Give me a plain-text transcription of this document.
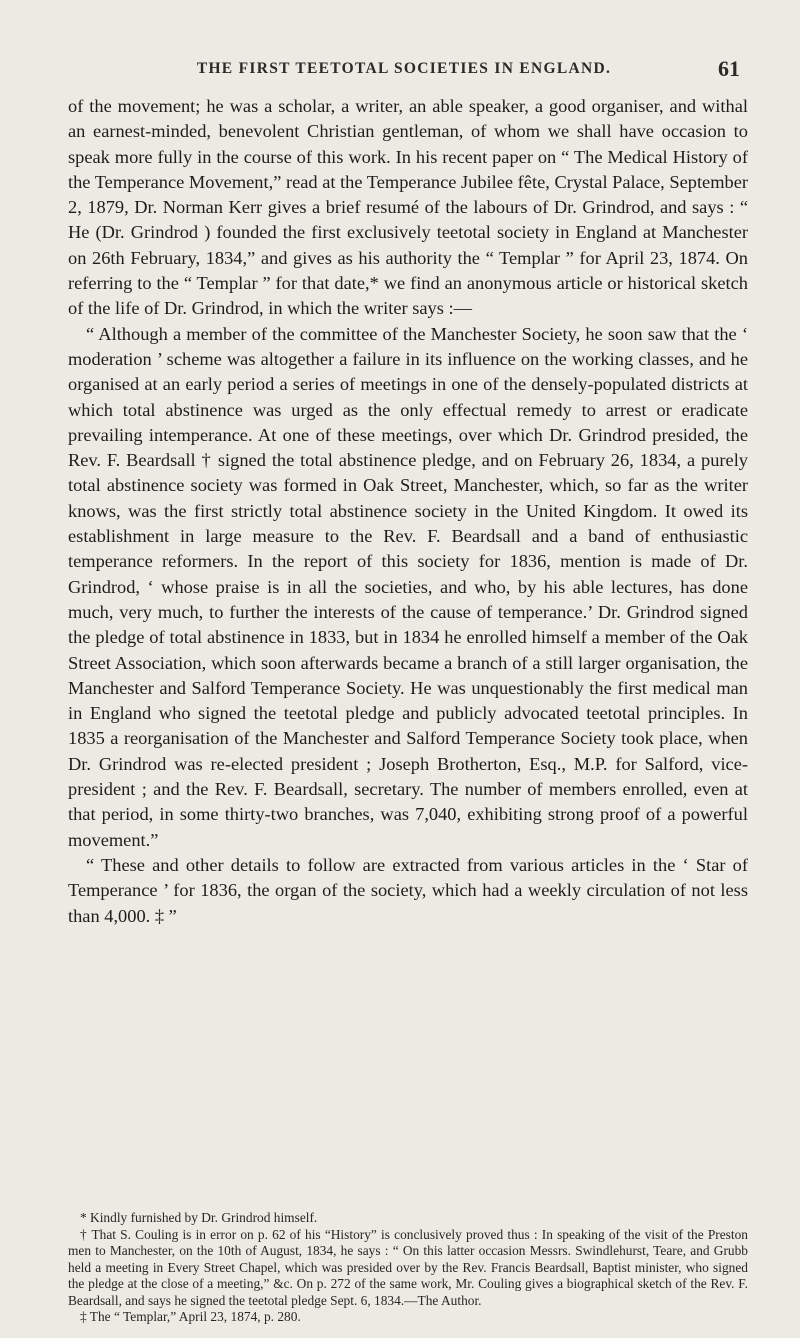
THE FIRST TEETOTAL SOCIETIES IN ENGLAND.	61

of the movement; he was a scholar, a writer, an able speaker, a good organiser, and withal an earnest-minded, benevolent Christian gentleman, of whom we shall have occasion to speak more fully in the course of this work. In his recent paper on “ The Medical History of the Temperance Movement,” read at the Temperance Jubilee fête, Crystal Palace, September 2, 1879, Dr. Norman Kerr gives a brief resumé of the labours of Dr. Grindrod, and says : “ He (Dr. Grindrod ) founded the first exclusively teetotal society in England at Manchester on 26th February, 1834,” and gives as his authority the “ Templar ” for April 23, 1874. On referring to the “ Templar ” for that date,* we find an anonymous article or historical sketch of the life of Dr. Grindrod, in which the writer says :—

“ Although a member of the committee of the Manchester Society, he soon saw that the ‘ moderation ’ scheme was altogether a failure in its influence on the working classes, and he organised at an early period a series of meetings in one of the densely-populated districts at which total abstinence was urged as the only effectual remedy to arrest or eradicate prevailing intemperance. At one of these meetings, over which Dr. Grindrod presided, the Rev. F. Beardsall † signed the total abstinence pledge, and on February 26, 1834, a purely total abstinence society was formed in Oak Street, Manchester, which, so far as the writer knows, was the first strictly total abstinence society in the United Kingdom. It owed its establishment in large measure to the Rev. F. Beardsall and a band of enthusiastic temperance reformers. In the report of this society for 1836, mention is made of Dr. Grindrod, ‘ whose praise is in all the societies, and who, by his able lectures, has done much, very much, to further the interests of the cause of temperance.’ Dr. Grindrod signed the pledge of total abstinence in 1833, but in 1834 he enrolled himself a member of the Oak Street Association, which soon afterwards became a branch of a still larger organisation, the Manchester and Salford Temperance Society. He was unquestionably the first medical man in England who signed the teetotal pledge and publicly advocated teetotal principles. In 1835 a reorganisation of the Manchester and Salford Temperance Society took place, when Dr. Grindrod was re-elected president ; Joseph Brotherton, Esq., M.P. for Salford, vice-president ; and the Rev. F. Beardsall, secretary. The number of members enrolled, even at that period, in some thirty-two branches, was 7,040, exhibiting strong proof of a powerful movement.”

“ These and other details to follow are extracted from various articles in the ‘ Star of Temperance ’ for 1836, the organ of the society, which had a weekly circulation of not less than 4,000. ‡ ”

* Kindly furnished by Dr. Grindrod himself.

† That S. Couling is in error on p. 62 of his “History” is conclusively proved thus : In speaking of the visit of the Preston men to Manchester, on the 10th of August, 1834, he says : “ On this latter occasion Messrs. Swindlehurst, Teare, and Grubb held a meeting in Every Street Chapel, which was presided over by the Rev. Francis Beardsall, Baptist minister, who signed the pledge at the close of a meeting,” &c. On p. 272 of the same work, Mr. Couling gives a biographical sketch of the Rev. F. Beardsall, and says he signed the teetotal pledge Sept. 6, 1834.—The Author.

‡ The “ Templar,” April 23, 1874, p. 280.
